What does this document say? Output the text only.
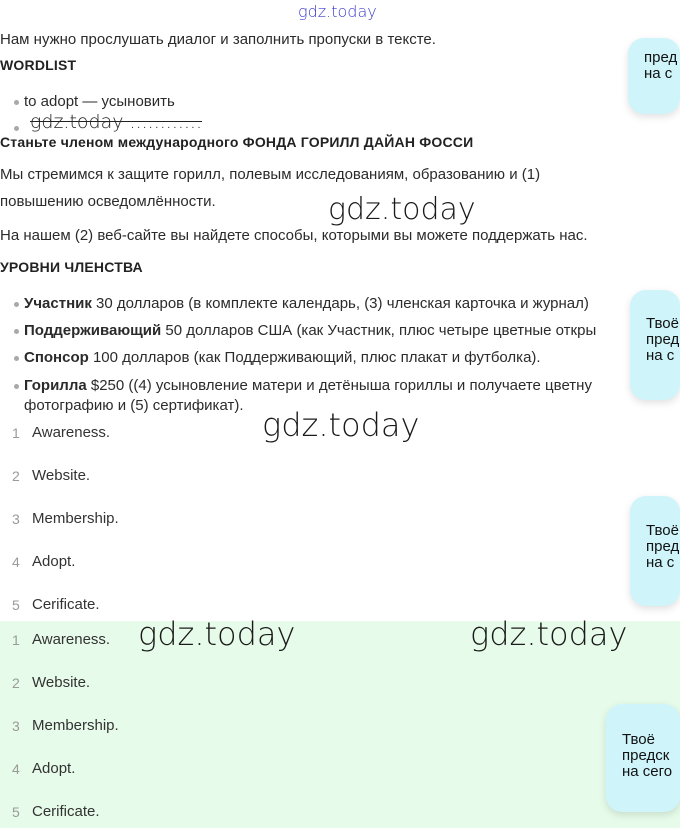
gdz.today
Нам нужно прослушать диалог и заполнить пропуски в тексте.
WORDLIST
to adopt — усыновить
gdz.today ............
Станьте членом международного ФОНДА ГОРИЛЛ ДАЙАН ФОССИ
Мы стремимся к защите горилл, полевым исследованиям, образованию и (1)
повышению осведомлённости.	gdz.today
На нашем (2) веб-сайте вы найдете способы, которыми вы можете поддержать нас.
УРОВНИ ЧЛЕНСТВА
Участник 30 долларов (в комплекте календарь, (3) членская карточка и журнал)
Поддерживающий 50 долларов США (как Участник, плюс четыре цветные откры
Спонсор 100 долларов (как Поддерживающий, плюс плакат и футболка).
Горилла $250 ((4) усыновление матери и детёныша гориллы и получаете цветну
фотографию и (5) сертификат).
gdz.today
1 Awareness.
2 Website.
3 Membership.
4 Adopt.
5 Cerificate.
1 Awareness.
2 Website.
3 Membership.
4 Adopt.
5 Cerificate.
gdz.today	gdz.today
пред
на с
Твоё
пред
на с
Твоё
пред
на с
Твоё
предск
на сего
